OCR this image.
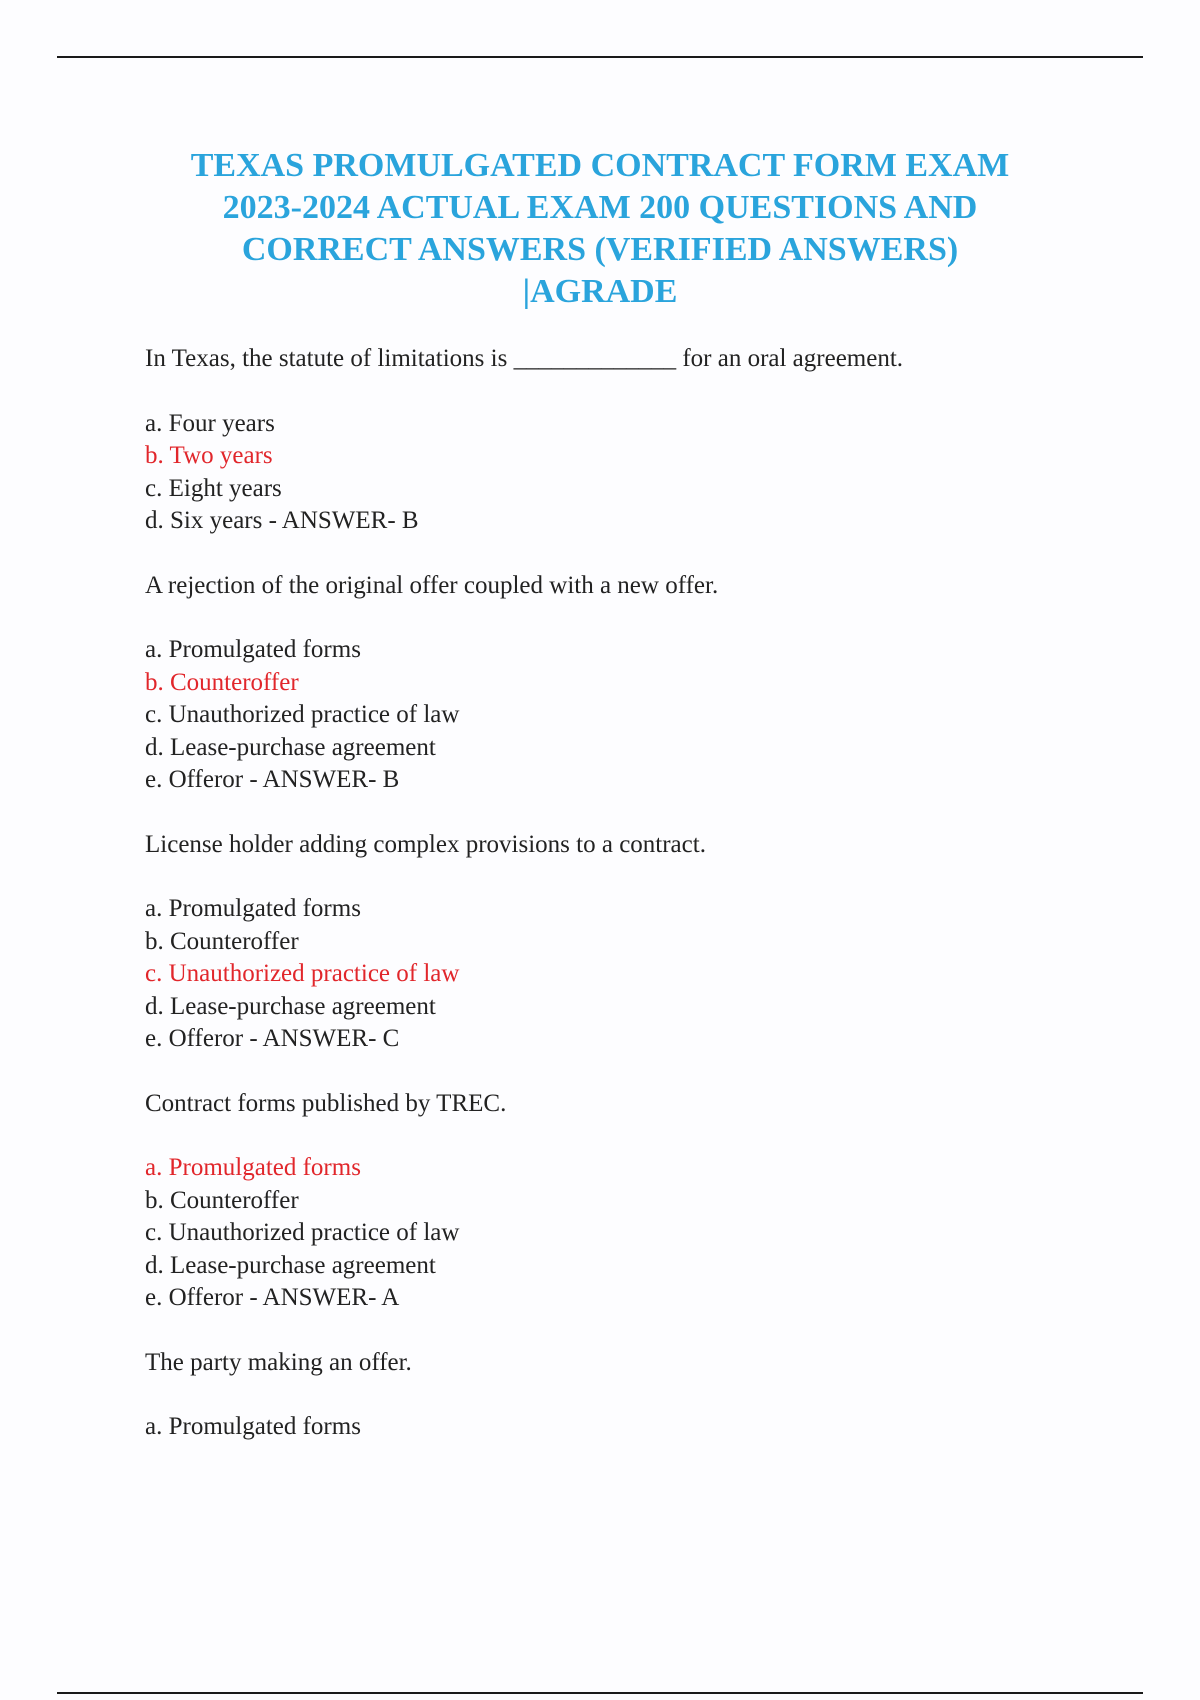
TEXAS PROMULGATED CONTRACT FORM EXAM
2023-2024 ACTUAL EXAM 200 QUESTIONS AND
CORRECT ANSWERS (VERIFIED ANSWERS)
|AGRADE

In Texas, the statute of limitations is _____________ for an oral agreement.

a. Four years
b. Two years
c. Eight years
d. Six years - ANSWER- B

A rejection of the original offer coupled with a new offer.

a. Promulgated forms
b. Counteroffer
c. Unauthorized practice of law
d. Lease-purchase agreement
e. Offeror - ANSWER- B

License holder adding complex provisions to a contract.

a. Promulgated forms
b. Counteroffer
c. Unauthorized practice of law
d. Lease-purchase agreement
e. Offeror - ANSWER- C

Contract forms published by TREC.

a. Promulgated forms
b. Counteroffer
c. Unauthorized practice of law
d. Lease-purchase agreement
e. Offeror - ANSWER- A

The party making an offer.

a. Promulgated forms
